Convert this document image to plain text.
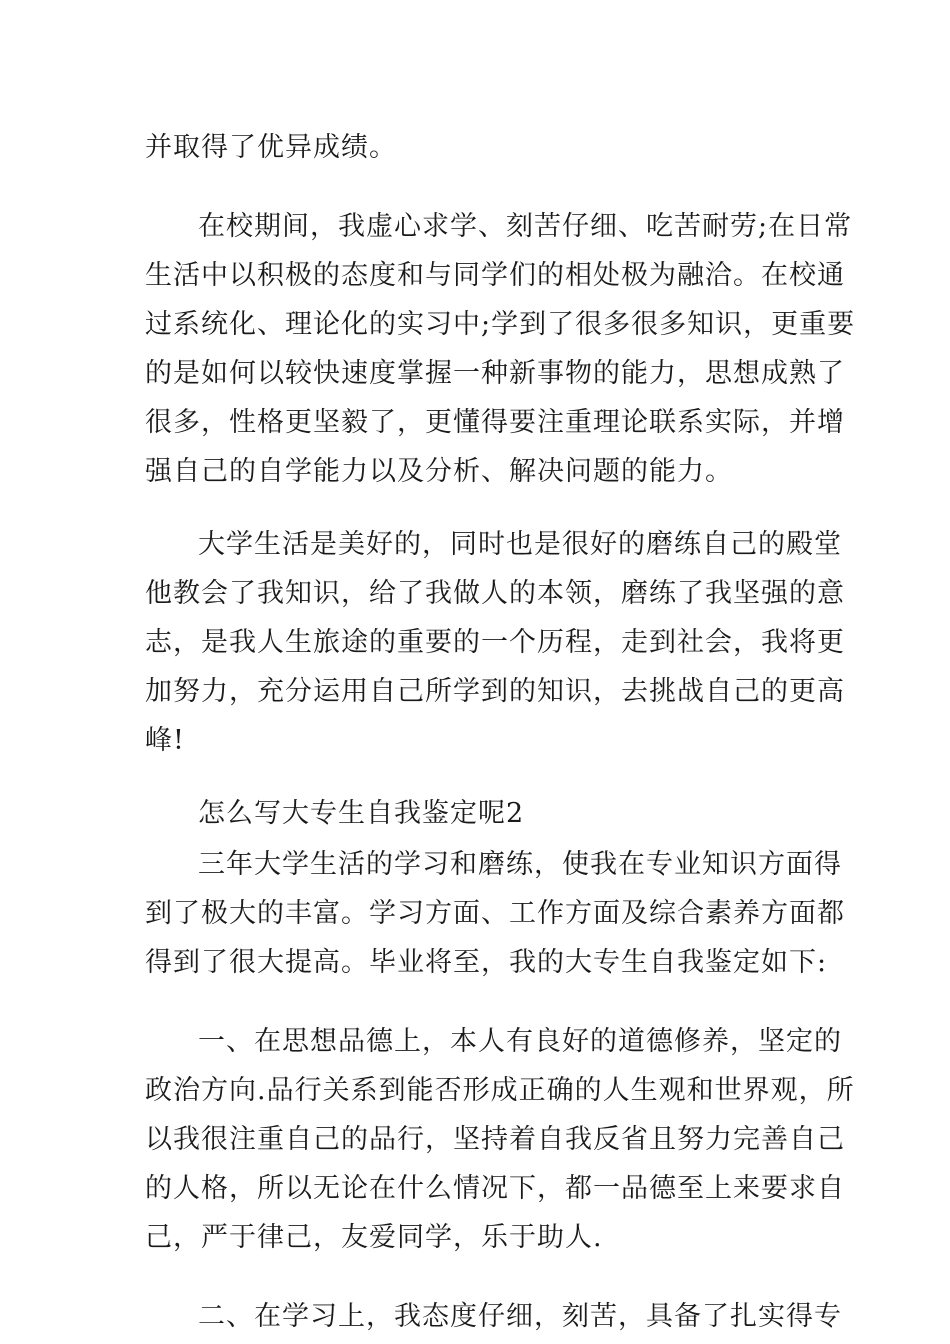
并取得了优异成绩。
在校期间，我虚心求学、刻苦仔细、吃苦耐劳;在日常
生活中以积极的态度和与同学们的相处极为融洽。在校通
过系统化、理论化的实习中;学到了很多很多知识，更重要
的是如何以较快速度掌握一种新事物的能力，思想成熟了
很多，性格更坚毅了，更懂得要注重理论联系实际，并增
强自己的自学能力以及分析、解决问题的能力。
大学生活是美好的，同时也是很好的磨练自己的殿堂
他教会了我知识，给了我做人的本领，磨练了我坚强的意
志，是我人生旅途的重要的一个历程，走到社会，我将更
加努力，充分运用自己所学到的知识，去挑战自己的更高
峰!
怎么写大专生自我鉴定呢2
三年大学生活的学习和磨练，使我在专业知识方面得
到了极大的丰富。学习方面、工作方面及综合素养方面都
得到了很大提高。毕业将至，我的大专生自我鉴定如下:
一、在思想品德上，本人有良好的道德修养，坚定的
政治方向.品行关系到能否形成正确的人生观和世界观，所
以我很注重自己的品行，坚持着自我反省且努力完善自己
的人格，所以无论在什么情况下，都一品德至上来要求自
己，严于律己，友爱同学，乐于助人.
二、在学习上，我态度仔细，刻苦，具备了扎实得专
